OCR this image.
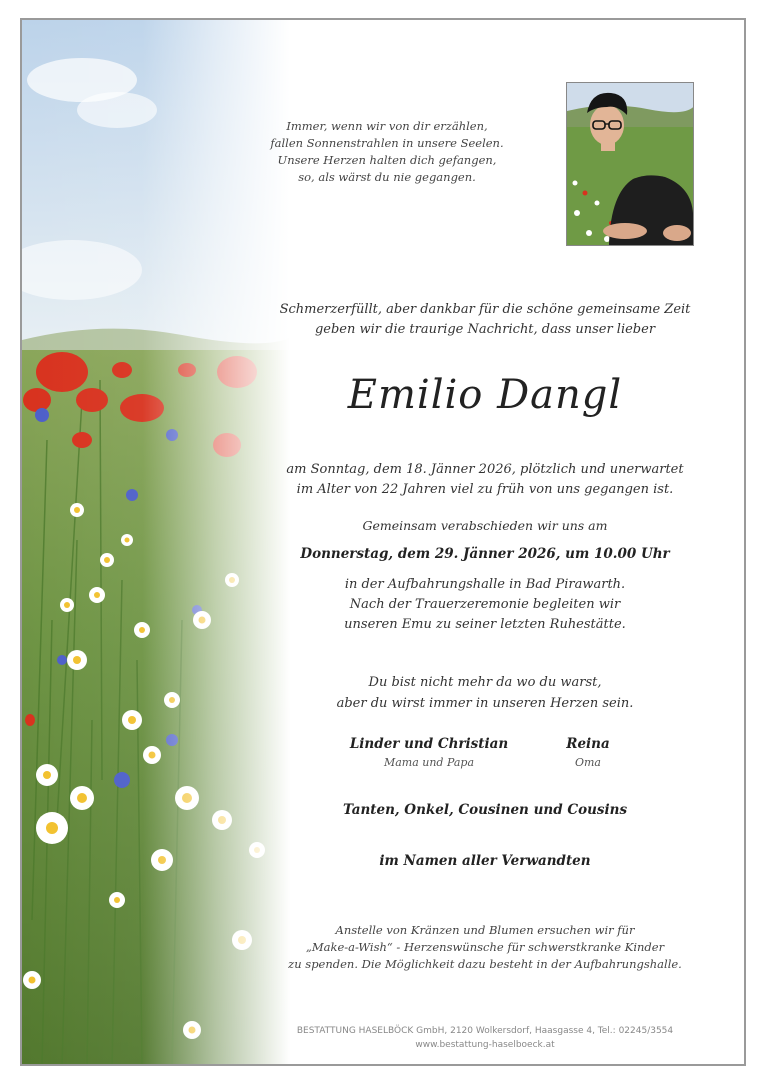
Immer, wenn wir von dir erzählen,
fallen Sonnenstrahlen in unsere Seelen.
Unsere Herzen halten dich gefangen,
so, als wärst du nie gegangen.
Schmerzerfüllt, aber dankbar für die schöne gemeinsame Zeit
geben wir die traurige Nachricht, dass unser lieber
Emilio Dangl
am Sonntag, dem 18. Jänner 2026, plötzlich und unerwartet
im Alter von 22 Jahren viel zu früh von uns gegangen ist.
Gemeinsam verabschieden wir uns am
Donnerstag, dem 29. Jänner 2026, um 10.00 Uhr
in der Aufbahrungshalle in Bad Pirawarth.
Nach der Trauerzeremonie begleiten wir
unseren Emu zu seiner letzten Ruhestätte.
Du bist nicht mehr da wo du warst,
aber du wirst immer in unseren Herzen sein.
Linder und Christian
Mama und Papa
Reina
Oma
Tanten, Onkel, Cousinen und Cousins
im Namen aller Verwandten
Anstelle von Kränzen und Blumen ersuchen wir für
„Make-a-Wish“ - Herzenswünsche für schwerstkranke Kinder
zu spenden. Die Möglichkeit dazu besteht in der Aufbahrungshalle.
BESTATTUNG HASELBÖCK GmbH, 2120 Wolkersdorf, Haasgasse 4, Tel.: 02245/3554
www.bestattung-haselboeck.at
